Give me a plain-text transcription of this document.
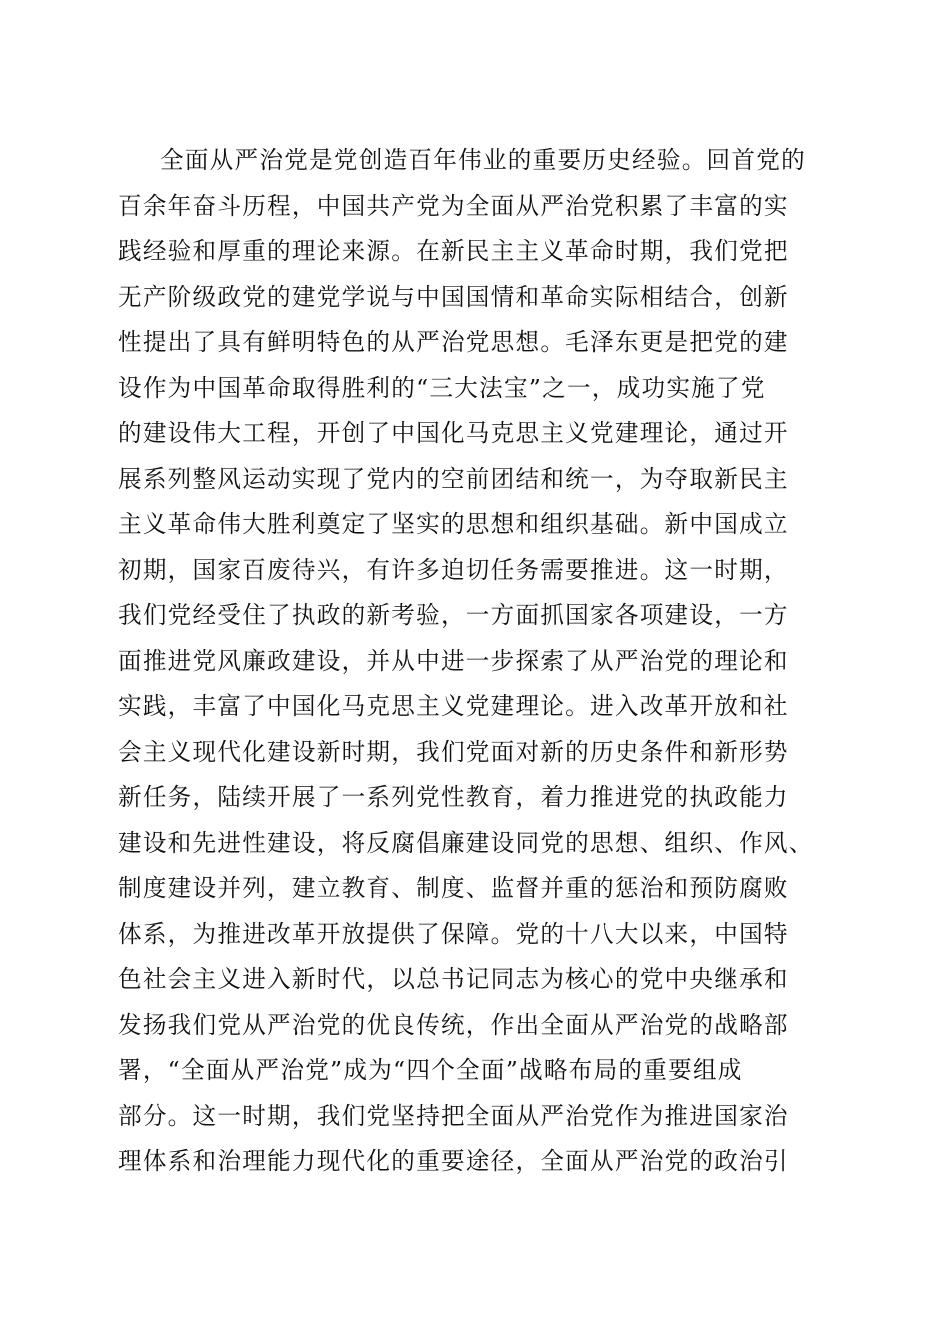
全面从严治党是党创造百年伟业的重要历史经验。回首党的
百余年奋斗历程，中国共产党为全面从严治党积累了丰富的实
践经验和厚重的理论来源。在新民主主义革命时期，我们党把
无产阶级政党的建党学说与中国国情和革命实际相结合，创新
性提出了具有鲜明特色的从严治党思想。毛泽东更是把党的建
设作为中国革命取得胜利的“三大法宝”之一，成功实施了党
的建设伟大工程，开创了中国化马克思主义党建理论，通过开
展系列整风运动实现了党内的空前团结和统一，为夺取新民主
主义革命伟大胜利奠定了坚实的思想和组织基础。新中国成立
初期，国家百废待兴，有许多迫切任务需要推进。这一时期，
我们党经受住了执政的新考验，一方面抓国家各项建设，一方
面推进党风廉政建设，并从中进一步探索了从严治党的理论和
实践，丰富了中国化马克思主义党建理论。进入改革开放和社
会主义现代化建设新时期，我们党面对新的历史条件和新形势
新任务，陆续开展了一系列党性教育，着力推进党的执政能力
建设和先进性建设，将反腐倡廉建设同党的思想、组织、作风、
制度建设并列，建立教育、制度、监督并重的惩治和预防腐败
体系，为推进改革开放提供了保障。党的十八大以来，中国特
色社会主义进入新时代，以总书记同志为核心的党中央继承和
发扬我们党从严治党的优良传统，作出全面从严治党的战略部
署，“全面从严治党”成为“四个全面”战略布局的重要组成
部分。这一时期，我们党坚持把全面从严治党作为推进国家治
理体系和治理能力现代化的重要途径，全面从严治党的政治引
